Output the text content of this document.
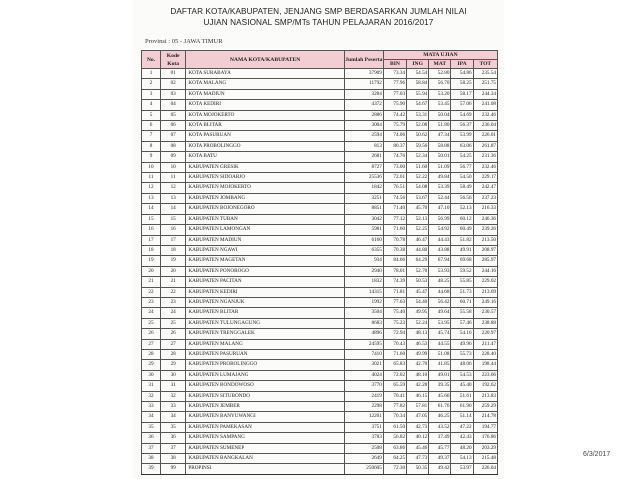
DAFTAR KOTA/KABUPATEN, JENJANG SMP BERDASARKAN JUMLAH NILAI
UJIAN NASIONAL SMP/MTs TAHUN PELAJARAN 2016/2017
Provinsi : 05 - JAWA TIMUR
No.	Kode Kota	NAMA KOTA/KABUPATEN	Jumlah Peserta	MATA UJIAN				
				BIN	ING	MAT	IPA	TOT
1	01	KOTA SURABAYA	37909	73.34	54.54	52.80	54.86	235.54
2	02	KOTA MALANG	11792	77.96	58.84	56.70	58.25	251.75
3	03	KOTA MADIUN	3284	77.03	55.94	53.20	58.17	244.34
4	04	KOTA KEDIRI	4372	75.90	54.67	53.45	57.06	241.08
5	05	KOTA MOJOKERTO	2886	74.42	53.31	50.04	54.69	232.46
6	06	KOTA BLITAR	3004	75.79	52.08	51.80	56.37	236.04
7	07	KOTA PASURUAN	2594	74.06	50.62	47.34	53.99	226.01
8	08	KOTA PROBOLINGGO	813	80.37	59.56	58.88	63.06	261.87
9	09	KOTA BATU	2681	74.76	52.34	50.01	54.25	231.36
10	10	KABUPATEN GRESIK	8727	73.00	51.60	51.09	56.77	232.46
11	11	KABUPATEN SIDOARJO	25536	72.61	52.22	49.84	54.50	229.17
12	12	KABUPATEN MOJOKERTO	1842	76.51	54.08	53.39	58.49	242.47
13	13	KABUPATEN JOMBANG	3251	74.56	53.67	52.44	56.56	237.23
14	14	KABUPATEN BOJONEGORO	8851	71.40	45.70	47.10	52.13	216.33
15	15	KABUPATEN TUBAN	3042	77.12	52.13	56.99	60.12	246.36
16	16	KABUPATEN LAMONGAN	5981	71.60	52.25	54.92	60.49	239.26
17	17	KABUPATEN MADIUN	6160	70.78	46.47	44.43	51.82	213.50
18	18	KABUPATEN NGAWI	6355	70.38	44.80	43.88	49.91	208.97
19	19	KABUPATEN MAGETAN	934	84.06	64.29	67.94	69.68	285.97
20	20	KABUPATEN PONOROGO	2940	78.01	52.70	53.93	59.52	244.16
21	21	KABUPATEN PACITAN	1832	74.39	50.53	48.25	55.85	229.02
22	22	KABUPATEN KEDIRI	14315	71.81	45.47	44.68	51.73	213.69
23	23	KABUPATEN NGANJUK	1992	77.63	54.40	56.42	60.71	249.16
24	24	KABUPATEN BLITAR	3504	75.40	49.95	49.64	55.58	230.57
25	25	KABUPATEN TULUNGAGUNG	8683	75.23	52.24	53.95	57.46	238.88
26	26	KABUPATEN TRENGGALEK	4896	72.94	48.13	45.74	54.16	220.97
27	27	KABUPATEN MALANG	24595	70.43	46.53	44.55	49.96	211.47
28	28	KABUPATEN PASURUAN	7410	71.60	49.99	51.08	55.73	228.40
29	29	KABUPATEN PROBOLINGGO	3021	65.83	42.70	41.85	48.06	198.44
30	30	KABUPATEN LUMAJANG	4024	72.02	48.10	49.01	54.53	223.66
31	31	KABUPATEN BONDOWOSO	3770	65.59	42.28	39.35	45.40	192.62
32	32	KABUPATEN SITUBONDO	2419	70.41	46.15	45.66	51.61	213.83
33	33	KABUPATEN JEMBER	2298	77.82	57.81	61.76	61.90	259.29
34	34	KABUPATEN BANYUWANGI	12201	70.34	47.05	46.25	51.14	214.78
35	35	KABUPATEN PAMEKASAN	3751	61.50	42.73	43.52	47.22	194.77
36	36	KABUPATEN SAMPANG	3783	56.82	40.12	37.49	42.43	176.86
37	37	KABUPATEN SUMENEP	2508	63.86	45.46	45.77	48.20	203.29
38	38	KABUPATEN BANGKALAN	2649	64.25	47.73	49.37	54.13	215.48
39	99	PROPINSI	250605	72.30	50.35	49.42	53.97	226.04
6/3/2017
